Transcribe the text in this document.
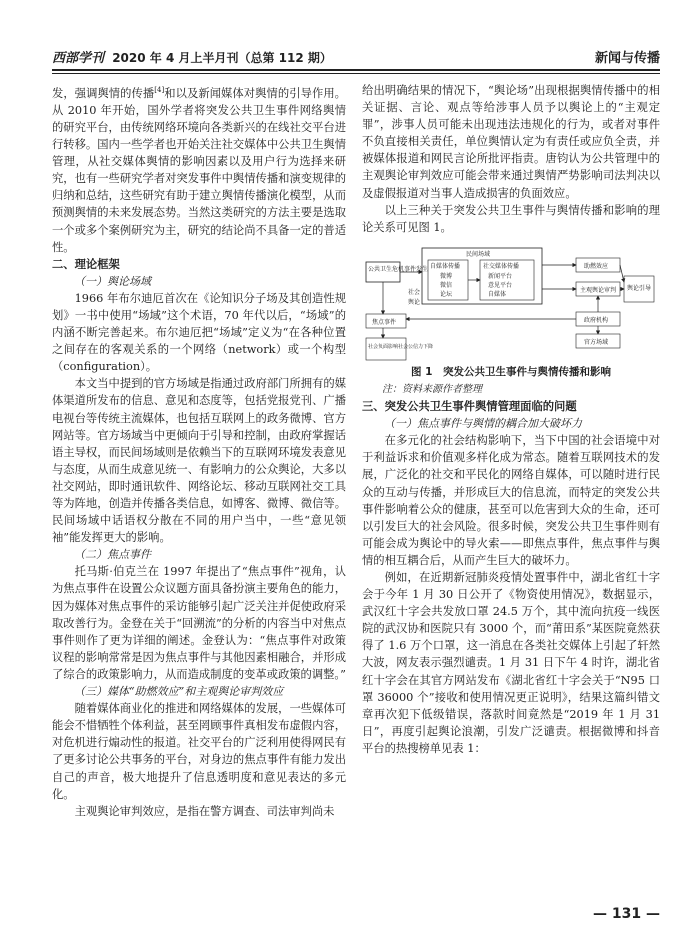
西部学刊 2020 年 4 月上半月刊（总第 112 期）	新闻与传播

发，强调舆情的传播[4]和以及新闻媒体对舆情的引导作用。从 2010 年开始，国外学者将突发公共卫生事件网络舆情的研究平台，由传统网络环境向各类新兴的在线社交平台进行转移。国内一些学者也开始关注社交媒体中公共卫生舆情管理，从社交媒体舆情的影响因素以及用户行为选择来研究，也有一些研究学者对突发事件中舆情传播和演变规律的归纳和总结，这些研究有助于建立舆情传播演化模型，从而预测舆情的未来发展态势。当然这类研究的方法主要是选取一个或多个案例研究为主，研究的结论尚不具备一定的普适性。

二、理论框架
（一）舆论场域

1966 年布尔迪厄首次在《论知识分子场及其创造性规划》一书中使用“场域”这个术语，70 年代以后，“场域”的内涵不断完善起来。布尔迪厄把“场域”定义为“在各种位置之间存在的客观关系的一个网络（network）或一个构型（configuration）。

本文当中提到的官方场域是指通过政府部门所拥有的媒体渠道所发布的信息、意见和态度等，包括党报党刊、广播电视台等传统主流媒体，也包括互联网上的政务微博、官方网站等。官方场域当中更倾向于引导和控制，由政府掌握话语主导权，而民间场域则是依赖当下的互联网环境发表意见与态度，从而生成意见统一、有影响力的公众舆论，大多以社交网站，即时通讯软件、网络论坛、移动互联网社交工具等为阵地，创造并传播各类信息，如博客、微博、微信等。民间场域中话语权分散在不同的用户当中，一些“意见领袖”能发挥更大的影响。

（二）焦点事件

托马斯·伯克兰在 1997 年提出了“焦点事件”视角，认为焦点事件在设置公众议题方面具备扮演主要角色的能力，因为媒体对焦点事件的采访能够引起广泛关注并促使政府采取改善行为。金登在关于“回溯流”的分析的内容当中对焦点事件则作了更为详细的阐述。金登认为：“焦点事件对政策议程的影响常常是因为焦点事件与其他因素相融合，并形成了综合的政策影响力，从而造成制度的变革或政策的调整。”

（三）媒体“助燃效应”和主观舆论审判效应

随着媒体商业化的推进和网络媒体的发展，一些媒体可能会不惜牺牲个体利益，甚至罔顾事件真相发布虚假内容，对危机进行煽动性的报道。社交平台的广泛利用使得网民有了更多讨论公共事务的平台，对身边的焦点事件有能力发出自己的声音，极大地提升了信息透明度和意见表达的多元化。

主观舆论审判效应，是指在警方调查、司法审判尚未

给出明确结果的情况下，“舆论场”出现根据舆情传播中的相关证据、言论、观点等给涉事人员予以舆论上的“主观定罪”，涉事人员可能未出现违法违规化的行为，或者对事件不负直接相关责任，单位舆情认定为有责任或应负全责，并被媒体报道和网民言论所批评指责。唐钧认为公共管理中的主观舆论审判效应可能会带来通过舆情严势影响司法判决以及虚假报道对当事人造成损害的负面效应。

以上三种关于突发公共卫生事件与舆情传播和影响的理论关系可见图 1。

公共卫生危机事件发生
民间场域
自媒体传播
微博
微信
论坛
社交媒体传播
新闻平台
意见平台
自媒体
助燃效应
主观舆论审判 舆论引导
政府机构
官方场域
焦点事件
社会负面影响社会公信力下降
社会
舆论
图 1　突发公共卫生事件与舆情传播和影响

注：资料来源作者整理

三、突发公共卫生事件舆情管理面临的问题
（一）焦点事件与舆情的耦合加大破坏力

在多元化的社会结构影响下，当下中国的社会语境中对于利益诉求和价值观多样化成为常态。随着互联网技术的发展，广泛化的社交和平民化的网络自媒体，可以随时进行民众的互动与传播，并形成巨大的信息流，而特定的突发公共事件影响着公众的健康，甚至可以危害到大众的生命，还可以引发巨大的社会风险。很多时候，突发公共卫生事件则有可能会成为舆论中的导火索——即焦点事件，焦点事件与舆情的相互耦合后，从而产生巨大的破坏力。

例如，在近期新冠肺炎疫情处置事件中，湖北省红十字会于今年 1 月 30 日公开了《物资使用情况》，数据显示，武汉红十字会共发放口罩 24.5 万个，其中流向抗疫一线医院的武汉协和医院只有 3000 个，而“莆田系”某医院竟然获得了 1.6 万个口罩，这一消息在各类社交媒体上引起了轩然大波，网友表示强烈谴责。1 月 31 日下午 4 时许，湖北省红十字会在其官方网站发布《湖北省红十字会关于“N95 口罩 36000 个”接收和使用情况更正说明》，结果这篇纠错文章再次犯下低级错误，落款时间竟然是“2019 年 1 月 31 日”，再度引起舆论浪潮，引发广泛谴责。根据微博和抖音平台的热搜榜单见表 1：

— 131 —
